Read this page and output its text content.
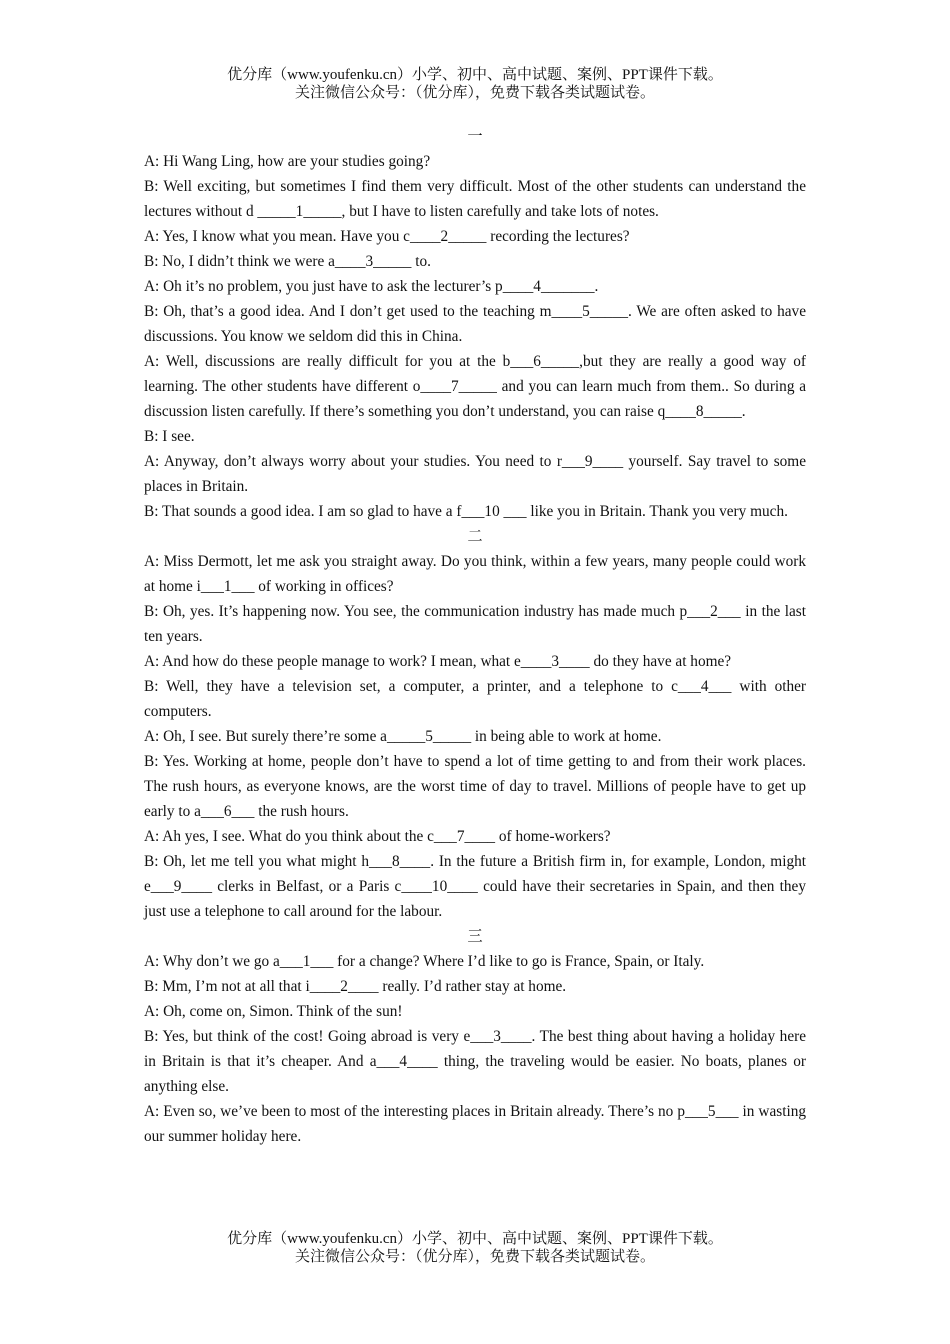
优分库（www.youfenku.cn）小学、初中、高中试题、案例、PPT课件下载。
关注微信公众号：（优分库），免费下载各类试题试卷。
一
A: Hi Wang Ling, how are your studies going?
B: Well exciting, but sometimes I find them very difficult. Most of the other students can understand the lectures without d _____1_____, but I have to listen carefully and take lots of notes.
A: Yes, I know what you mean. Have you c____2_____ recording the lectures?
B: No, I didn’t think we were a____3_____ to.
A: Oh it’s no problem, you just have to ask the lecturer’s p____4_______.
B: Oh, that’s a good idea. And I don’t get used to the teaching m____5_____. We are often asked to have discussions. You know we seldom did this in China.
A: Well, discussions are really difficult for you at the b___6_____,but they are really a good way of learning. The other students have different o____7_____ and you can learn much from them.. So during a discussion listen carefully. If there’s something you don’t understand, you can raise q____8_____.
B: I see.
A: Anyway, don’t always worry about your studies. You need to r___9____ yourself. Say travel to some places in Britain.
B: That sounds a good idea. I am so glad to have a f___10 ___ like you in Britain. Thank you very much.
二
A: Miss Dermott, let me ask you straight away. Do you think, within a few years, many people could work at home i___1___ of working in offices?
B: Oh, yes. It’s happening now. You see, the communication industry has made much p___2___ in the last ten years.
A: And how do these people manage to work? I mean, what e____3____ do they have at home?
B: Well, they have a television set, a computer, a printer, and a telephone to c___4___ with other computers.
A: Oh, I see. But surely there’re some a_____5_____ in being able to work at home.
B: Yes. Working at home, people don’t have to spend a lot of time getting to and from their work places. The rush hours, as everyone knows, are the worst time of day to travel. Millions of people have to get up early to a___6___ the rush hours.
A: Ah yes, I see. What do you think about the c___7____ of home-workers?
B: Oh, let me tell you what might h___8____. In the future a British firm in, for example, London, might e___9____ clerks in Belfast, or a Paris c____10____ could have their secretaries in Spain, and then they just use a telephone to call around for the labour.
三
A: Why don’t we go a___1___ for a change? Where I’d like to go is France, Spain, or Italy.
B: Mm, I’m not at all that i____2____ really. I’d rather stay at home.
A: Oh, come on, Simon. Think of the sun!
B: Yes, but think of the cost! Going abroad is very e___3____. The best thing about having a holiday here in Britain is that it’s cheaper. And a___4____ thing, the traveling would be easier. No boats, planes or anything else.
A: Even so, we’ve been to most of the interesting places in Britain already. There’s no p___5___ in wasting our summer holiday here.
优分库（www.youfenku.cn）小学、初中、高中试题、案例、PPT课件下载。
关注微信公众号：（优分库），免费下载各类试题试卷。
